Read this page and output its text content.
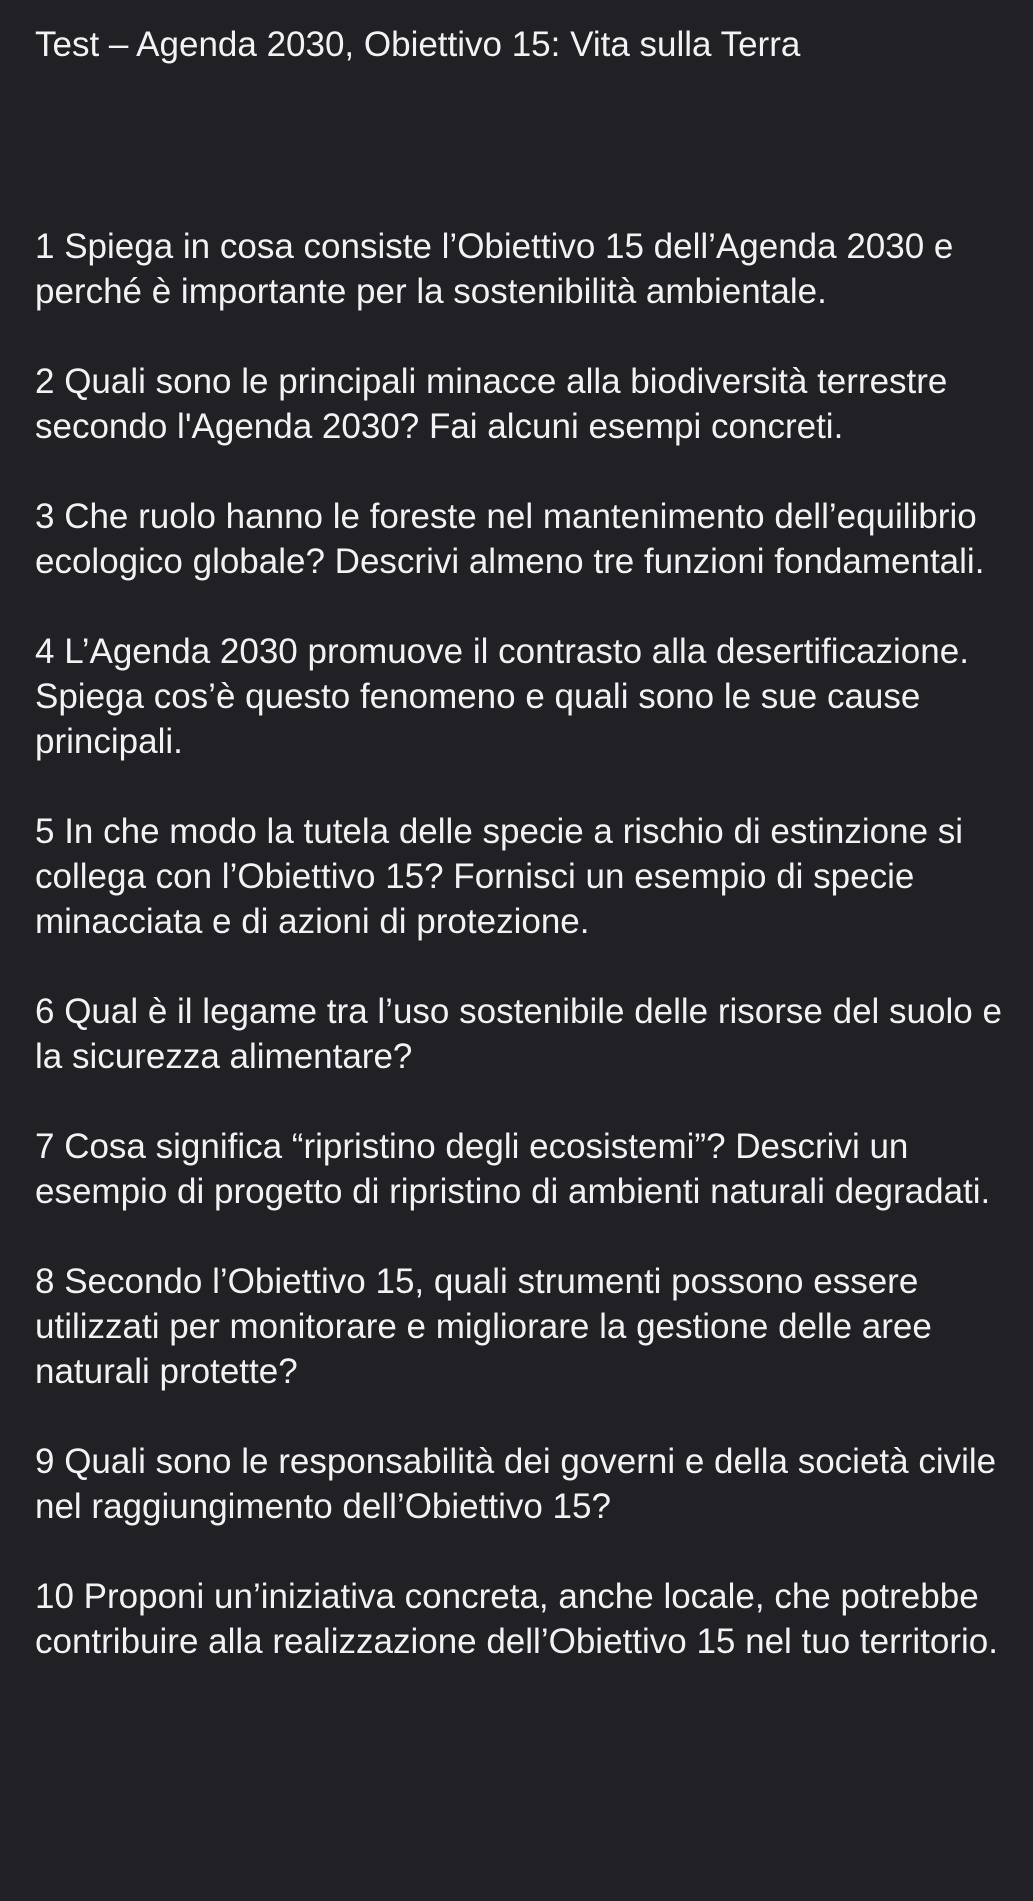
Test – Agenda 2030, Obiettivo 15: Vita sulla Terra
1 Spiega in cosa consiste l’Obiettivo 15 dell’Agenda 2030 e perché è importante per la sostenibilità ambientale.
2 Quali sono le principali minacce alla biodiversità terrestre secondo l'Agenda 2030? Fai alcuni esempi concreti.
3 Che ruolo hanno le foreste nel mantenimento dell’equilibrio ecologico globale? Descrivi almeno tre funzioni fondamentali.
4 L’Agenda 2030 promuove il contrasto alla desertificazione. Spiega cos’è questo fenomeno e quali sono le sue cause principali.
5 In che modo la tutela delle specie a rischio di estinzione si collega con l’Obiettivo 15? Fornisci un esempio di specie minacciata e di azioni di protezione.
6 Qual è il legame tra l’uso sostenibile delle risorse del suolo e la sicurezza alimentare?
7 Cosa significa “ripristino degli ecosistemi”? Descrivi un esempio di progetto di ripristino di ambienti naturali degradati.
8 Secondo l’Obiettivo 15, quali strumenti possono essere utilizzati per monitorare e migliorare la gestione delle aree naturali protette?
9 Quali sono le responsabilità dei governi e della società civile nel raggiungimento dell’Obiettivo 15?
10 Proponi un’iniziativa concreta, anche locale, che potrebbe contribuire alla realizzazione dell’Obiettivo 15 nel tuo territorio.
